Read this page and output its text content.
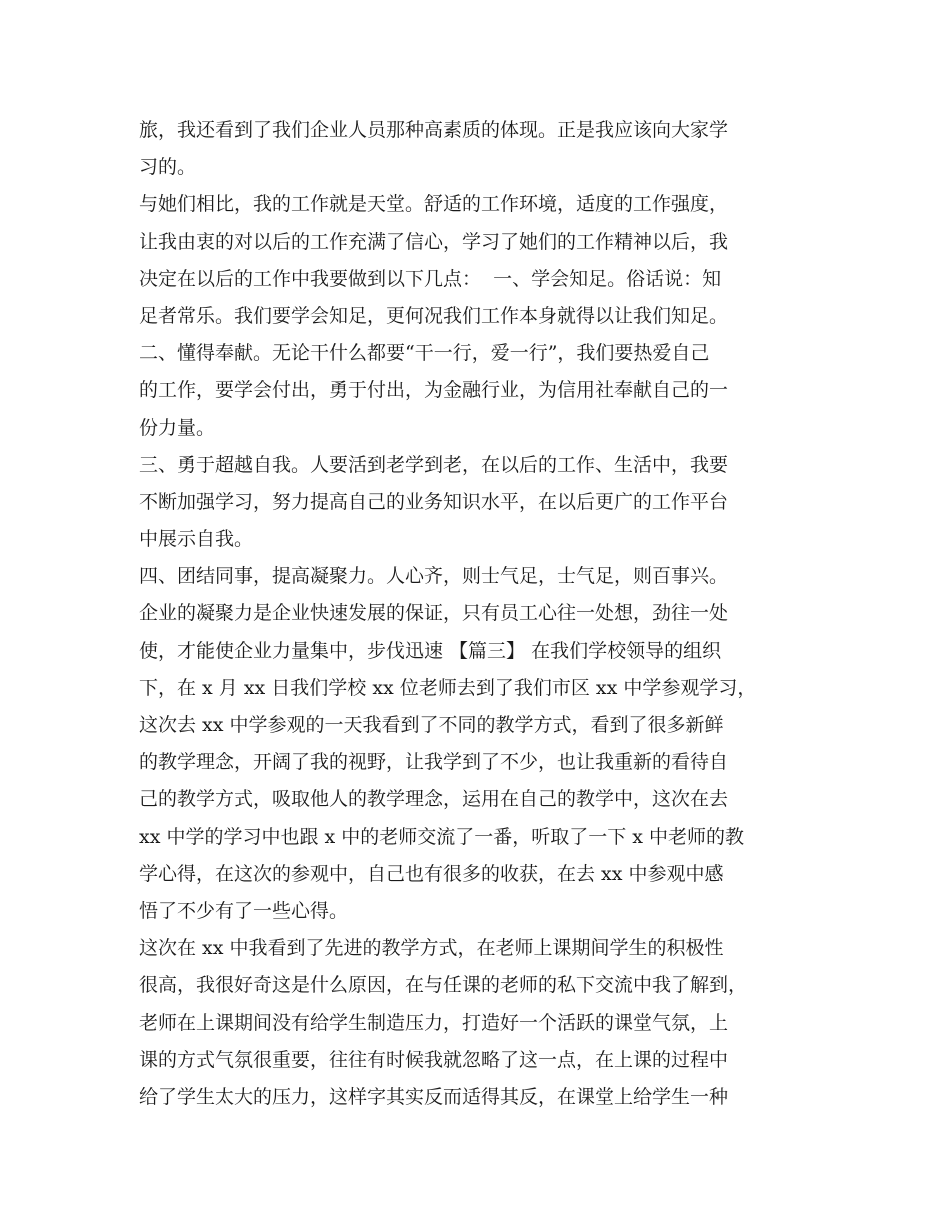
旅，我还看到了我们企业人员那种高素质的体现。正是我应该向大家学
习的。
与她们相比，我的工作就是天堂。舒适的工作环境，适度的工作强度，
让我由衷的对以后的工作充满了信心，学习了她们的工作精神以后，我
决定在以后的工作中我要做到以下几点：  一、学会知足。俗话说：知
足者常乐。我们要学会知足，更何况我们工作本身就得以让我们知足。
二、懂得奉献。无论干什么都要“干一行，爱一行”，我们要热爱自己
的工作，要学会付出，勇于付出，为金融行业，为信用社奉献自己的一
份力量。
三、勇于超越自我。人要活到老学到老，在以后的工作、生活中，我要
不断加强学习，努力提高自己的业务知识水平，在以后更广的工作平台
中展示自我。
四、团结同事，提高凝聚力。人心齐，则士气足，士气足，则百事兴。
企业的凝聚力是企业快速发展的保证，只有员工心往一处想，劲往一处
使，才能使企业力量集中，步伐迅速 【篇三】 在我们学校领导的组织
下，在 x 月 xx 日我们学校 xx 位老师去到了我们市区 xx 中学参观学习，
这次去 xx 中学参观的一天我看到了不同的教学方式，看到了很多新鲜
的教学理念，开阔了我的视野，让我学到了不少，也让我重新的看待自
己的教学方式，吸取他人的教学理念，运用在自己的教学中，这次在去
xx 中学的学习中也跟 x 中的老师交流了一番，听取了一下 x 中老师的教
学心得，在这次的参观中，自己也有很多的收获，在去 xx 中参观中感
悟了不少有了一些心得。
这次在 xx 中我看到了先进的教学方式，在老师上课期间学生的积极性
很高，我很好奇这是什么原因，在与任课的老师的私下交流中我了解到，
老师在上课期间没有给学生制造压力，打造好一个活跃的课堂气氛，上
课的方式气氛很重要，往往有时候我就忽略了这一点，在上课的过程中
给了学生太大的压力，这样字其实反而适得其反，在课堂上给学生一种
